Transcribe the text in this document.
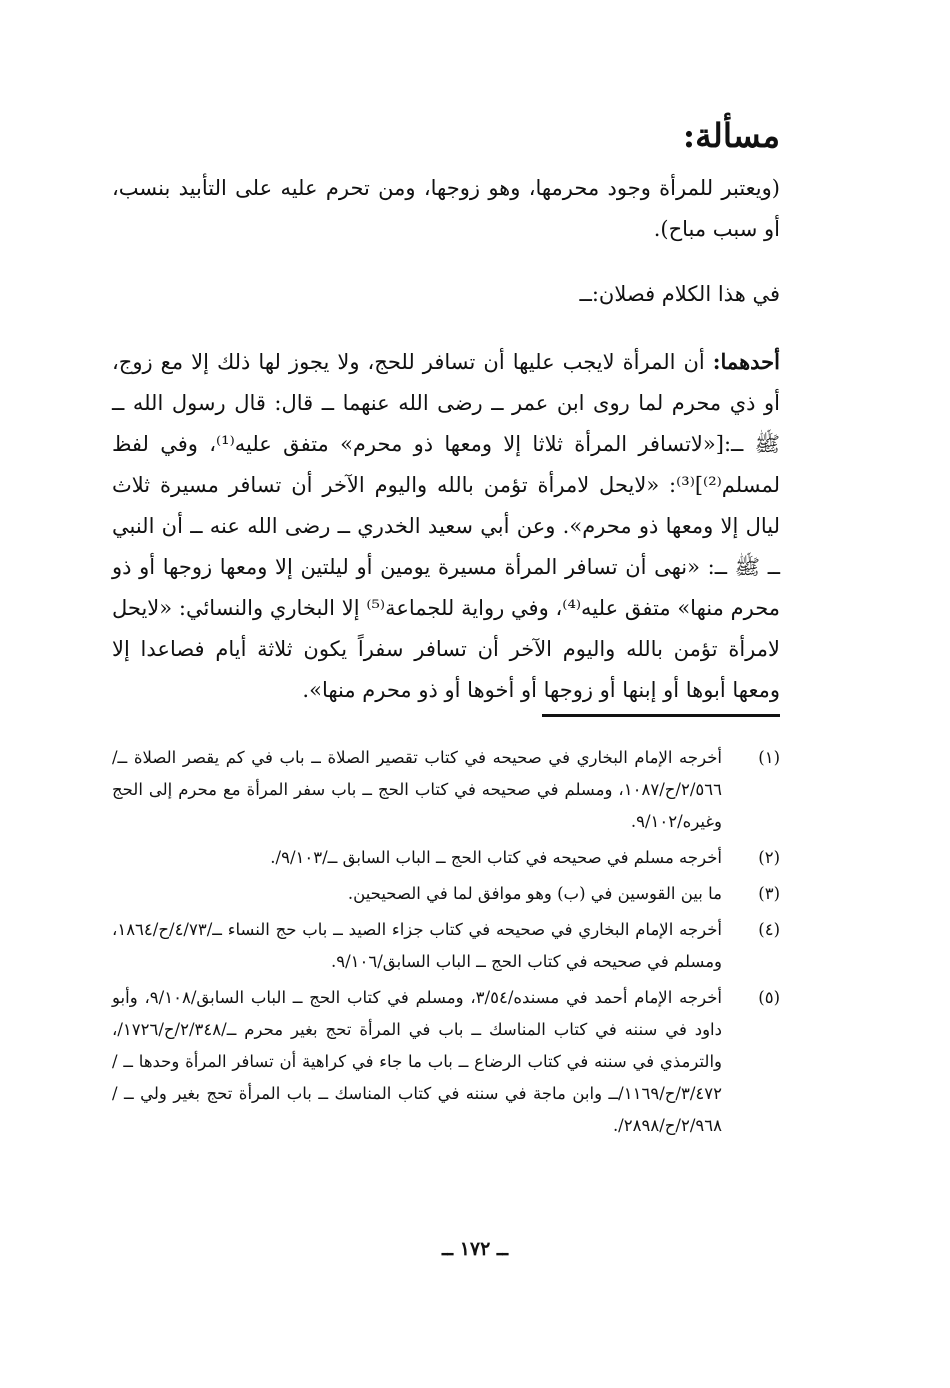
مسألة:

(ويعتبر للمرأة وجود محرمها، وهو زوجها، ومن تحرم عليه على التأبيد بنسب، أو سبب مباح).

في هذا الكلام فصلان:ــ

أحدهما: أن المرأة لايجب عليها أن تسافر للحج، ولا يجوز لها ذلك إلا مع زوج، أو ذي محرم لما روى ابن عمر ــ رضى الله عنهما ــ قال: قال رسول الله ــ ﷺ ــ:[«لاتسافر المرأة ثلاثا إلا ومعها ذو محرم» متفق عليه⁽¹⁾، وفي لفظ لمسلم⁽²⁾]⁽³⁾: «لايحل لامرأة تؤمن بالله واليوم الآخر أن تسافر مسيرة ثلاث ليال إلا ومعها ذو محرم». وعن أبي سعيد الخدري ــ رضى الله عنه ــ أن النبي ــ ﷺ ــ: «نهى أن تسافر المرأة مسيرة يومين أو ليلتين إلا ومعها زوجها أو ذو محرم منها» متفق عليه⁽⁴⁾، وفي رواية للجماعة⁽⁵⁾ إلا البخاري والنسائي: «لايحل لامرأة تؤمن بالله واليوم الآخر أن تسافر سفراً يكون ثلاثة أيام فصاعدا إلا ومعها أبوها أو إبنها أو زوجها أو أخوها أو ذو محرم منها».

(١)
أخرجه الإمام البخاري في صحيحه في كتاب تقصير الصلاة ــ باب في كم يقصر الصلاة ــ/٢/٥٦٦/ح/١٠٨٧، ومسلم في صحيحه في كتاب الحج ــ باب سفر المرأة مع محرم إلى الحج وغيره/٩/١٠٢.
(٢)
أخرجه مسلم في صحيحه في كتاب الحج ــ الباب السابق ــ/٩/١٠٣/.
(٣)
ما بين القوسين في (ب) وهو موافق لما في الصحيحين.
(٤)
أخرجه الإمام البخاري في صحيحه في كتاب جزاء الصيد ــ باب حج النساء ــ/٤/٧٣/ح/١٨٦٤، ومسلم في صحيحه في كتاب الحج ــ الباب السابق/٩/١٠٦.
(٥)
أخرجه الإمام أحمد في مسنده/٣/٥٤، ومسلم في كتاب الحج ــ الباب السابق/٩/١٠٨، وأبو داود في سننه في كتاب المناسك ــ باب في المرأة تحج بغير محرم ــ/٢/٣٤٨/ح/١٧٢٦/، والترمذي في سننه في كتاب الرضاع ــ باب ما جاء في كراهية أن تسافر المرأة وحدها ــ /٣/٤٧٢/ح/١١٦٩/ــ وابن ماجة في سننه في كتاب المناسك ــ باب المرأة تحج بغير ولي ــ /٢/٩٦٨/ح/٢٨٩٨/.
ــ ١٧٢ ــ
